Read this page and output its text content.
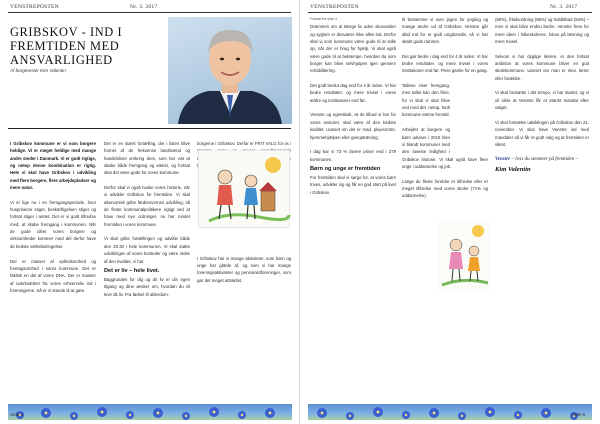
VENSTREPOSTEN	Nr. 3. 2017
GRIBSKOV - IND I FREMTIDEN MED ANSVARLIGHED
Af borgmester Kim Valentin

I Gribskov kommune er vi som borgere heldige. Vi er meget heldige med mange andre steder i Danmark. Vi er godt rigtige, og netop denne kombination er rigtig. Hele vi skal have Gribskov i udvikling med flere borgere, flere arbejdspladser og mere natur.

Vi er lige nu i en fremgangsperiode, hvor huspriserne stiger, beskæftigelsen stiger og fortsat stiger i amtet. Det er vi godt tilfredse med, at skabe fremgang i kommunen. Når de gode idéer vores borgere og virksomheder kommer med del derfor have de bedste vækstbetingelser.

Der er masser af opfindsomhed og foretagsomhed i vores kommune. Det er faktisk en del af vores DNA. Der er masser af iværksætteri fra vores erhvervsliv ind i foreningerne. Så er vi stande til at gøre.

Det er en stærk fortælling, der i listen blive formet af de frekvense landmænd og handelslivet omkring dem, som har vist at skabe både fremgang og vækst, og fortsat skal det være gode for vores kommune.

Derfor skal vi også huske vores historie, når vi udvikler Gribskov for fremtiden. Vi skal økonomisk gribe fædreovernes udvikling, så de fleste kommunalpolitikere rigtigt ved at have med nye ordninger, nu har rundet fremtiden i vores kommune.

Vi skal gribe fortællingen og udvikle både den 20.30 i hele kommunen. Vi skal støtte udviklingen af vores bosteder og være stolte af den kvalitet, vi har.

Det er liv – hele livet.

Baggrunden for dig og dit liv er din egen tilgang og dine ønsker om, hvordan du vil leve dit liv. Fra fødsel til alderdom.

borgerne i Gribskov. Derfor er FRIT VALG for os i

I Gribskov har vi mange aktiviteter, som børn og unge har glæde af, og som vi har mange foreningsaktiviteter og pensionistforeninger, som gør det meget attraktivt.

Side 4
VENSTREPOSTEN	Nr. 3. 2017

Fortsat fra side 4

Drømmen om at tænge liv uden skovvarker og syglom er desværre ikke alles lod. Derfor skal vi som kommune være gode til at stille op, når der er brug for hjælp. Vi skal også være gode til at bekæmpe, hvordan du som borger kan blive selvhjulpen igen gennem rehabilitering.

Det godt beslut dag end for 4 år siden. Vi har bedre resultater, og mere trivsel i vores ældre og institutioner end før.

Venstre og egenskab, at de tilbud vi har for vores seniorer, skal være af den bedste kvalitet. Uanset om det er mad, plejecentre, hjemmehjælpen eller genoptræning.

I dag har vi 73 % lavere priser end i 279 kommunen.

Børn og unge er fremtiden

For fremtiden skal vi sørge for, at vores børn trives, udvikler sig og får en god start på livet i Gribskov.

til bestemme vi over pigen for yngling og mange andre ud af Gribskov. Venstre går altid ind for et godt ungdomsliv, så vi har skabt gode rammer.

Det gør bedre i dag end for 4 år siden. Vi har bedre resultater, og mere trivsel i vores institutioner end før. Flere gamle for en gang.

Tallene viser fremgang, men tallet kan den flere, for vi skal vi skal blive ved med det, netop, fordi kommune værne fremtid.

Arbejdet at borgere og børn udviser i 2016 blev vi blandt kommuner med den laveste ledighed i Gribskov historie. Vi skal også have flere unge i uddannelse og job.

Lange de fleste foreldre er tilfredse eller er meget tilfredse med vores skoler (71% og uddannelse).

(90%), fritidsordning (85%) og hubbitbad (94%) – men vi skal blive endnu bedre. Venstre frem for mere ideer i folkeskolerne, fokus på læsning og mere trivsel.

Selvom vi har dygtige lærere, er den fortsat ambition at vores kommune bliver en god skolekommune. Uanset om man er elev, lærer eller forældre.

Vi skal fortsætte i det tempo, vi har startet, og vi vil sikre at Venstre får et stærkt mandat efter valget.

Vi skal fortsætte udviklingen på Gribskov den 21. november. Vi skal have Venstre ind med mandater så vi får et godt valg og at fremtiden er sikret.

Venstre – hvis du stemmer på fremtiden –

Kim Valentin
Side 5
